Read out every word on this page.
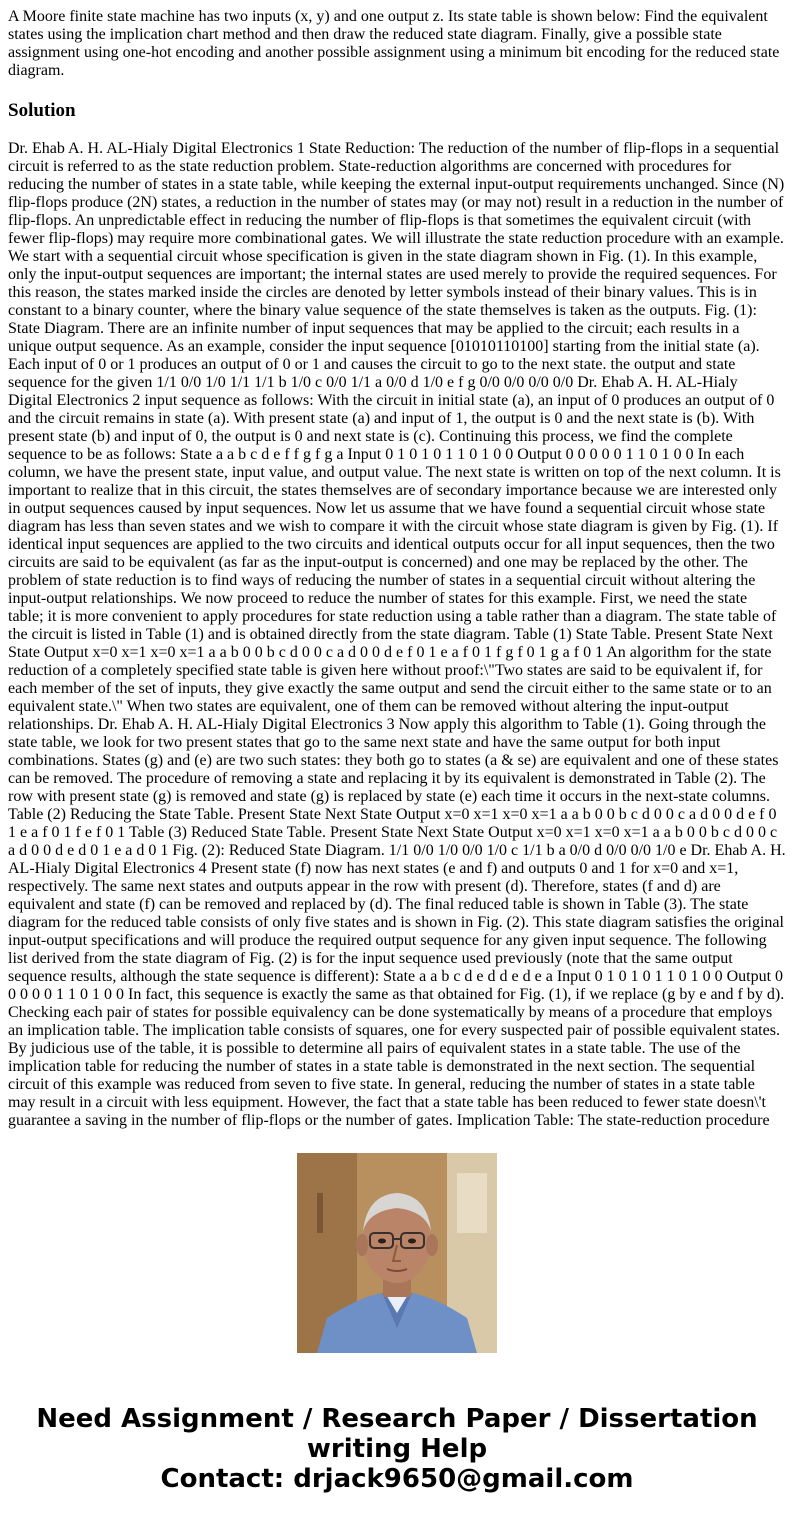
A Moore finite state machine has two inputs (x, y) and one output z. Its state table is shown below: Find the equivalent states using the implication chart method and then draw the reduced state diagram. Finally, give a possible state assignment using one-hot encoding and another possible assignment using a minimum bit encoding for the reduced state diagram.

Solution

Dr. Ehab A. H. AL-Hialy Digital Electronics 1 State Reduction: The reduction of the number of flip-flops in a sequential circuit is referred to as the state reduction problem. State-reduction algorithms are concerned with procedures for reducing the number of states in a state table, while keeping the external input-output requirements unchanged. Since (N) flip-flops produce (2N) states, a reduction in the number of states may (or may not) result in a reduction in the number of flip-flops. An unpredictable effect in reducing the number of flip-flops is that sometimes the equivalent circuit (with fewer flip-flops) may require more combinational gates. We will illustrate the state reduction procedure with an example. We start with a sequential circuit whose specification is given in the state diagram shown in Fig. (1). In this example, only the input-output sequences are important; the internal states are used merely to provide the required sequences. For this reason, the states marked inside the circles are denoted by letter symbols instead of their binary values. This is in constant to a binary counter, where the binary value sequence of the state themselves is taken as the outputs. Fig. (1): State Diagram. There are an infinite number of input sequences that may be applied to the circuit; each results in a unique output sequence. As an example, consider the input sequence [01010110100] starting from the initial state (a). Each input of 0 or 1 produces an output of 0 or 1 and causes the circuit to go to the next state. the output and state sequence for the given 1/1 0/0 1/0 1/1 1/1 b 1/0 c 0/0 1/1 a 0/0 d 1/0 e f g 0/0 0/0 0/0 0/0 Dr. Ehab A. H. AL-Hialy Digital Electronics 2 input sequence as follows: With the circuit in initial state (a), an input of 0 produces an output of 0 and the circuit remains in state (a). With present state (a) and input of 1, the output is 0 and the next state is (b). With present state (b) and input of 0, the output is 0 and next state is (c). Continuing this process, we find the complete sequence to be as follows: State a a b c d e f f g f g a Input 0 1 0 1 0 1 1 0 1 0 0 Output 0 0 0 0 0 1 1 0 1 0 0 In each column, we have the present state, input value, and output value. The next state is written on top of the next column. It is important to realize that in this circuit, the states themselves are of secondary importance because we are interested only in output sequences caused by input sequences. Now let us assume that we have found a sequential circuit whose state diagram has less than seven states and we wish to compare it with the circuit whose state diagram is given by Fig. (1). If identical input sequences are applied to the two circuits and identical outputs occur for all input sequences, then the two circuits are said to be equivalent (as far as the input-output is concerned) and one may be replaced by the other. The problem of state reduction is to find ways of reducing the number of states in a sequential circuit without altering the input-output relationships. We now proceed to reduce the number of states for this example. First, we need the state table; it is more convenient to apply procedures for state reduction using a table rather than a diagram. The state table of the circuit is listed in Table (1) and is obtained directly from the state diagram. Table (1) State Table. Present State Next State Output x=0 x=1 x=0 x=1 a a b 0 0 b c d 0 0 c a d 0 0 d e f 0 1 e a f 0 1 f g f 0 1 g a f 0 1 An algorithm for the state reduction of a completely specified state table is given here without proof:\"Two states are said to be equivalent if, for each member of the set of inputs, they give exactly the same output and send the circuit either to the same state or to an equivalent state.\" When two states are equivalent, one of them can be removed without altering the input-output relationships. Dr. Ehab A. H. AL-Hialy Digital Electronics 3 Now apply this algorithm to Table (1). Going through the state table, we look for two present states that go to the same next state and have the same output for both input combinations. States (g) and (e) are two such states: they both go to states (a & se) are equivalent and one of these states can be removed. The procedure of removing a state and replacing it by its equivalent is demonstrated in Table (2). The row with present state (g) is removed and state (g) is replaced by state (e) each time it occurs in the next-state columns. Table (2) Reducing the State Table. Present State Next State Output x=0 x=1 x=0 x=1 a a b 0 0 b c d 0 0 c a d 0 0 d e f 0 1 e a f 0 1 f e f 0 1 Table (3) Reduced State Table. Present State Next State Output x=0 x=1 x=0 x=1 a a b 0 0 b c d 0 0 c a d 0 0 d e d 0 1 e a d 0 1 Fig. (2): Reduced State Diagram. 1/1 0/0 1/0 0/0 1/0 c 1/1 b a 0/0 d 0/0 0/0 1/0 e Dr. Ehab A. H. AL-Hialy Digital Electronics 4 Present state (f) now has next states (e and f) and outputs 0 and 1 for x=0 and x=1, respectively. The same next states and outputs appear in the row with present (d). Therefore, states (f and d) are equivalent and state (f) can be removed and replaced by (d). The final reduced table is shown in Table (3). The state diagram for the reduced table consists of only five states and is shown in Fig. (2). This state diagram satisfies the original input-output specifications and will produce the required output sequence for any given input sequence. The following list derived from the state diagram of Fig. (2) is for the input sequence used previously (note that the same output sequence results, although the state sequence is different): State a a b c d e d d e d e a Input 0 1 0 1 0 1 1 0 1 0 0 Output 0 0 0 0 0 1 1 0 1 0 0 In fact, this sequence is exactly the same as that obtained for Fig. (1), if we replace (g by e and f by d). Checking each pair of states for possible equivalency can be done systematically by means of a procedure that employs an implication table. The implication table consists of squares, one for every suspected pair of possible equivalent states. By judicious use of the table, it is possible to determine all pairs of equivalent states in a state table. The use of the implication table for reducing the number of states in a state table is demonstrated in the next section. The sequential circuit of this example was reduced from seven to five state. In general, reducing the number of states in a state table may result in a circuit with less equipment. However, the fact that a state table has been reduced to fewer state doesn\'t guarantee a saving in the number of flip-flops or the number of gates. Implication Table: The state-reduction procedure

Need Assignment / Research Paper / Dissertation
writing Help
Contact: drjack9650@gmail.com
